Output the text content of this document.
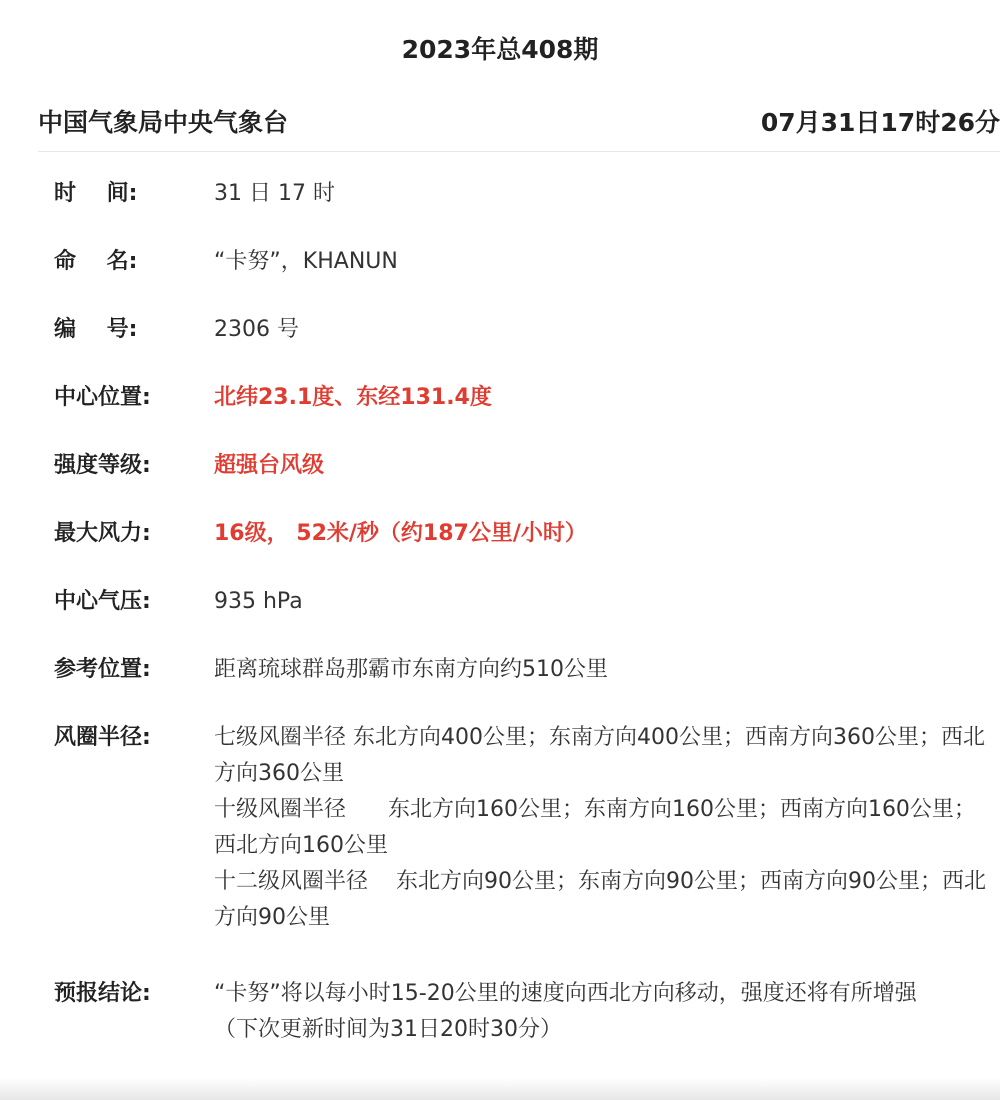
2023年总408期
中国气象局中央气象台	07月31日17时26分
时    间:	31 日 17 时
命    名:	“卡努”，KHANUN
编    号:	2306 号
中心位置:	北纬23.1度、东经131.4度
强度等级:	超强台风级
最大风力:	16级， 52米/秒（约187公里/小时）
中心气压:	935 hPa
参考位置:	距离琉球群岛那霸市东南方向约510公里
风圈半径:	七级风圈半径 东北方向400公里；东南方向400公里；西南方向360公里；西北方向360公里
十级风圈半径      东北方向160公里；东南方向160公里；西南方向160公里；西北方向160公里
十二级风圈半径    东北方向90公里；东南方向90公里；西南方向90公里；西北方向90公里
预报结论:	“卡努”将以每小时15-20公里的速度向西北方向移动，强度还将有所增强
（下次更新时间为31日20时30分）
